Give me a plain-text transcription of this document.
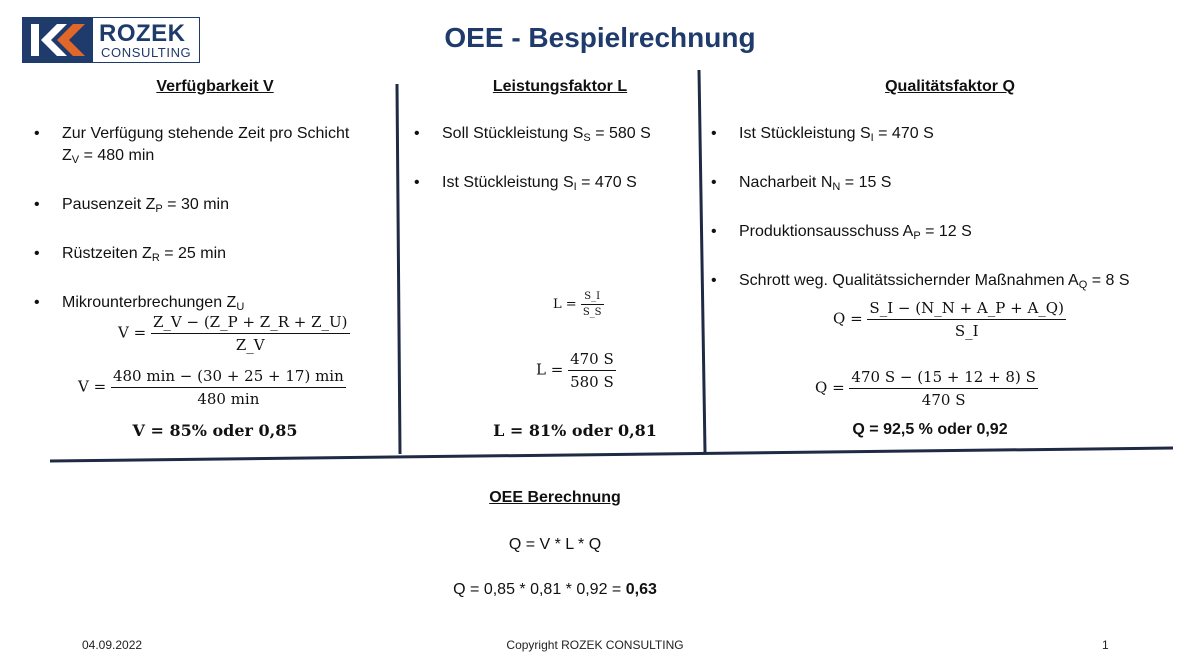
ROZEK
CONSULTING	OEE - Bespielrechnung
Verfügbarkeit V
• Zur Verfügung stehende Zeit pro Schicht
$Z_V = 480$ min
• Pausenzeit $Z_P = 30$ min
• Rüstzeiten $Z_R = 25$ min
• Mikrounterbrechungen $Z_U$
$V = \frac{Z\_V - (Z\_P + Z\_R + Z\_U)}{Z\_V}$
$V = \frac{480 \min - (30 + 25 + 17) \min}{480 \min}$
V = 85% oder 0,85
Leistungsfaktor L
• Soll Stückleistung $S_S = 580$ S
• Ist Stückleistung $S_I = 470$ S
$L = \frac{S\_I}{S\_S}$
$L = \frac{470 S}{580 S}$
L = 81% oder 0,81
Qualitätsfaktor Q
• Ist Stückleistung $S_I = 470$ S
• Nacharbeit $N_N = 15$ S
• Produktionsausschuss $A_P = 12$ S
• Schrott weg. Qualitätssichernder Maßnahmen $A_Q = 8$ S
$Q = \frac{S\_I - (N\_N + A\_P + A\_Q)}{S\_I}$
$Q = \frac{470 S - (15 + 12 + 8) S}{470 S}$
Q = 92,5 % oder 0,92
OEE Berechnung
Q = V * L * Q
Q = 0,85 * 0,81 * 0,92 = 0,63
04.09.2022	Copyright ROZEK CONSULTING	1
